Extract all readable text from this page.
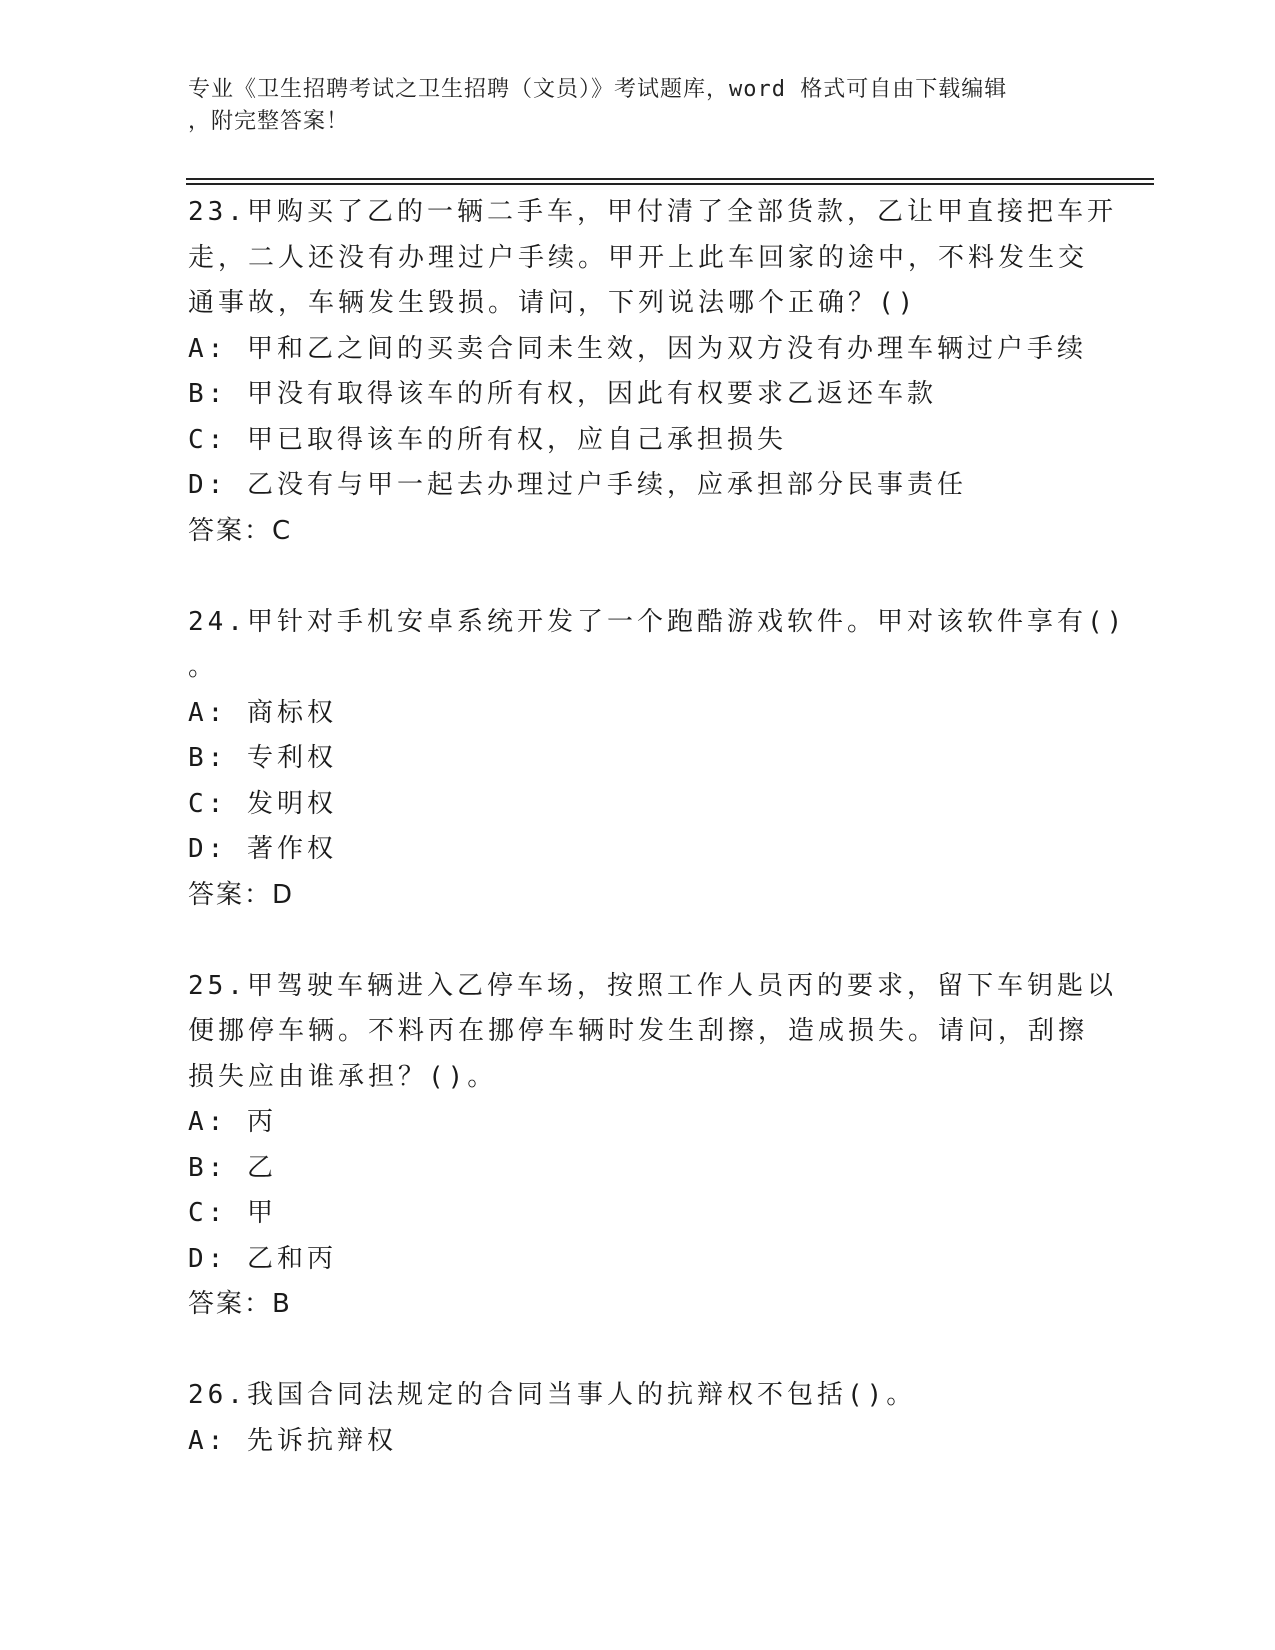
专业《卫生招聘考试之卫生招聘（文员）》考试题库，word 格式可自由下载编辑
，附完整答案！
23.甲购买了乙的一辆二手车，甲付清了全部货款，乙让甲直接把车开
走，二人还没有办理过户手续。甲开上此车回家的途中，不料发生交
通事故，车辆发生毁损。请问，下列说法哪个正确？()
A: 甲和乙之间的买卖合同未生效，因为双方没有办理车辆过户手续
B: 甲没有取得该车的所有权，因此有权要求乙返还车款
C: 甲已取得该车的所有权，应自己承担损失
D: 乙没有与甲一起去办理过户手续，应承担部分民事责任
答案：C
24.甲针对手机安卓系统开发了一个跑酷游戏软件。甲对该软件享有()
。
A: 商标权
B: 专利权
C: 发明权
D: 著作权
答案：D
25.甲驾驶车辆进入乙停车场，按照工作人员丙的要求，留下车钥匙以
便挪停车辆。不料丙在挪停车辆时发生刮擦，造成损失。请问，刮擦
损失应由谁承担？()。
A: 丙
B: 乙
C: 甲
D: 乙和丙
答案：B
26.我国合同法规定的合同当事人的抗辩权不包括()。
A: 先诉抗辩权
